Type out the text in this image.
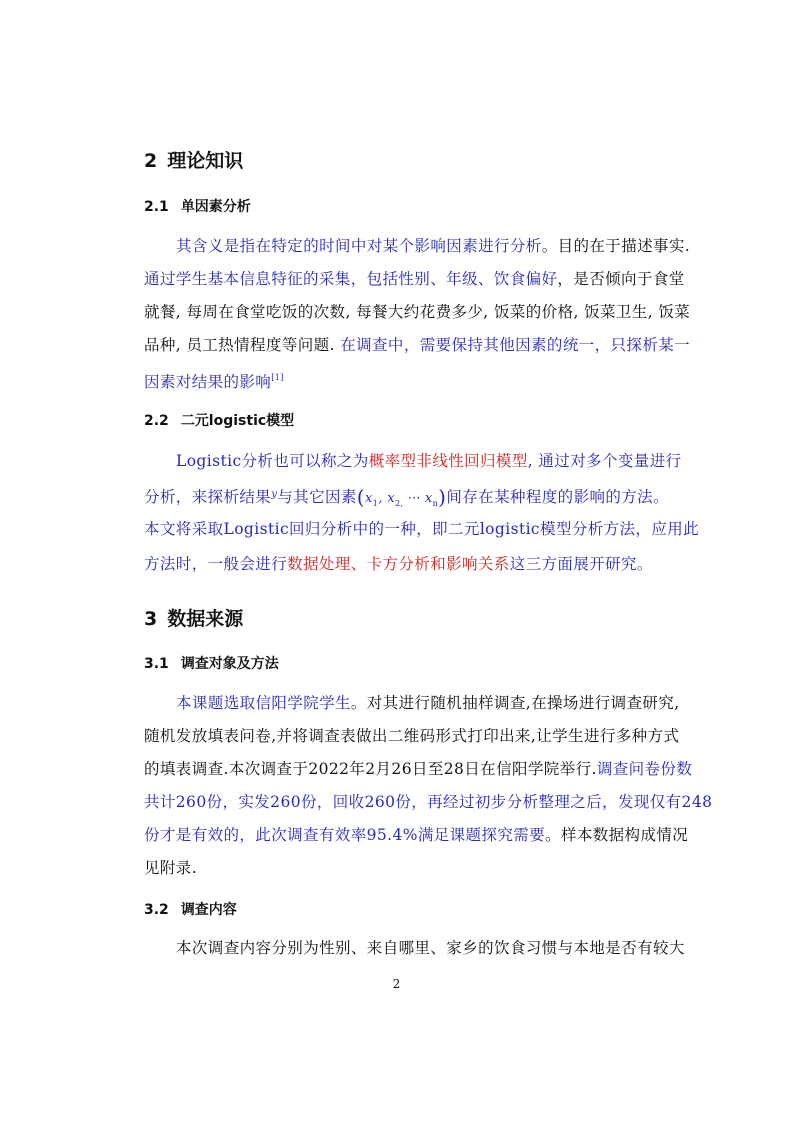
2 理论知识
2.1 单因素分析
其含义是指在特定的时间中对某个影响因素进行分析。目的在于描述事实.
通过学生基本信息特征的采集，包括性别、年级、饮食偏好，是否倾向于食堂
就餐, 每周在食堂吃饭的次数, 每餐大约花费多少, 饭菜的价格, 饭菜卫生, 饭菜
品种, 员工热情程度等问题. 在调查中，需要保持其他因素的统一，只探析某一
因素对结果的影响[1]
2.2 二元logistic模型
Logistic分析也可以称之为概率型非线性回归模型, 通过对多个变量进行
分析，来探析结果$^y$与其它因素($x_1$, $x_{2,}$ ⋯ $x_n$)间存在某种程度的影响的方法。
本文将采取Logistic回归分析中的一种，即二元logistic模型分析方法，应用此
方法时，一般会进行数据处理、卡方分析和影响关系这三方面展开研究。
3 数据来源
3.1 调查对象及方法
本课题选取信阳学院学生。对其进行随机抽样调查,在操场进行调查研究,
随机发放填表问卷,并将调查表做出二维码形式打印出来,让学生进行多种方式
的填表调查.本次调查于2022年2月26日至28日在信阳学院举行.调查问卷份数
共计260份，实发260份，回收260份，再经过初步分析整理之后，发现仅有248
份才是有效的，此次调查有效率95.4%满足课题探究需要。样本数据构成情况
见附录.
3.2 调查内容
本次调查内容分别为性别、来自哪里、家乡的饮食习惯与本地是否有较大
2
